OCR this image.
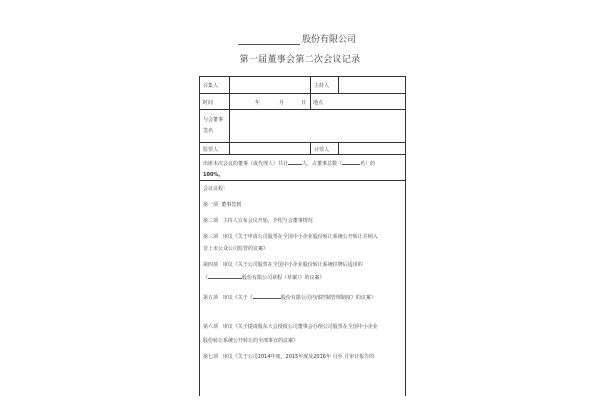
股份有限公司
第一届董事会第二次会议记录
召集人	主持人
时间	年	月	日 地点
与会董事签名
监票人	计票人
出席本次会议的董事（或代理人）共计	人，占董事总数（	名）的
100%。
会议议程：
第一项 董事签到
第二项 主持人宣布会议开始，介绍与会董事情况
第三项 审议《关于申请公司股票在全国中小企业股份转让系统公开转让并纳入
非上市公众公司监管的议案》
第四项 审议《关于公司股票在全国中小企业股份转让系统挂牌后适用的
《	股份有限公司章程（草案）》的议案》
第五项 审议《关于《	股份有限公司内部控制管理制度》的议案》
第六项 审议《关于提请股东大会授权公司董事会办理公司股票在全国中小企业
股份转让系统公开转让的全部事宜的议案》
第七项 审议《关于公司2014年度，2015年度及2016年 月至 月审计报告的
